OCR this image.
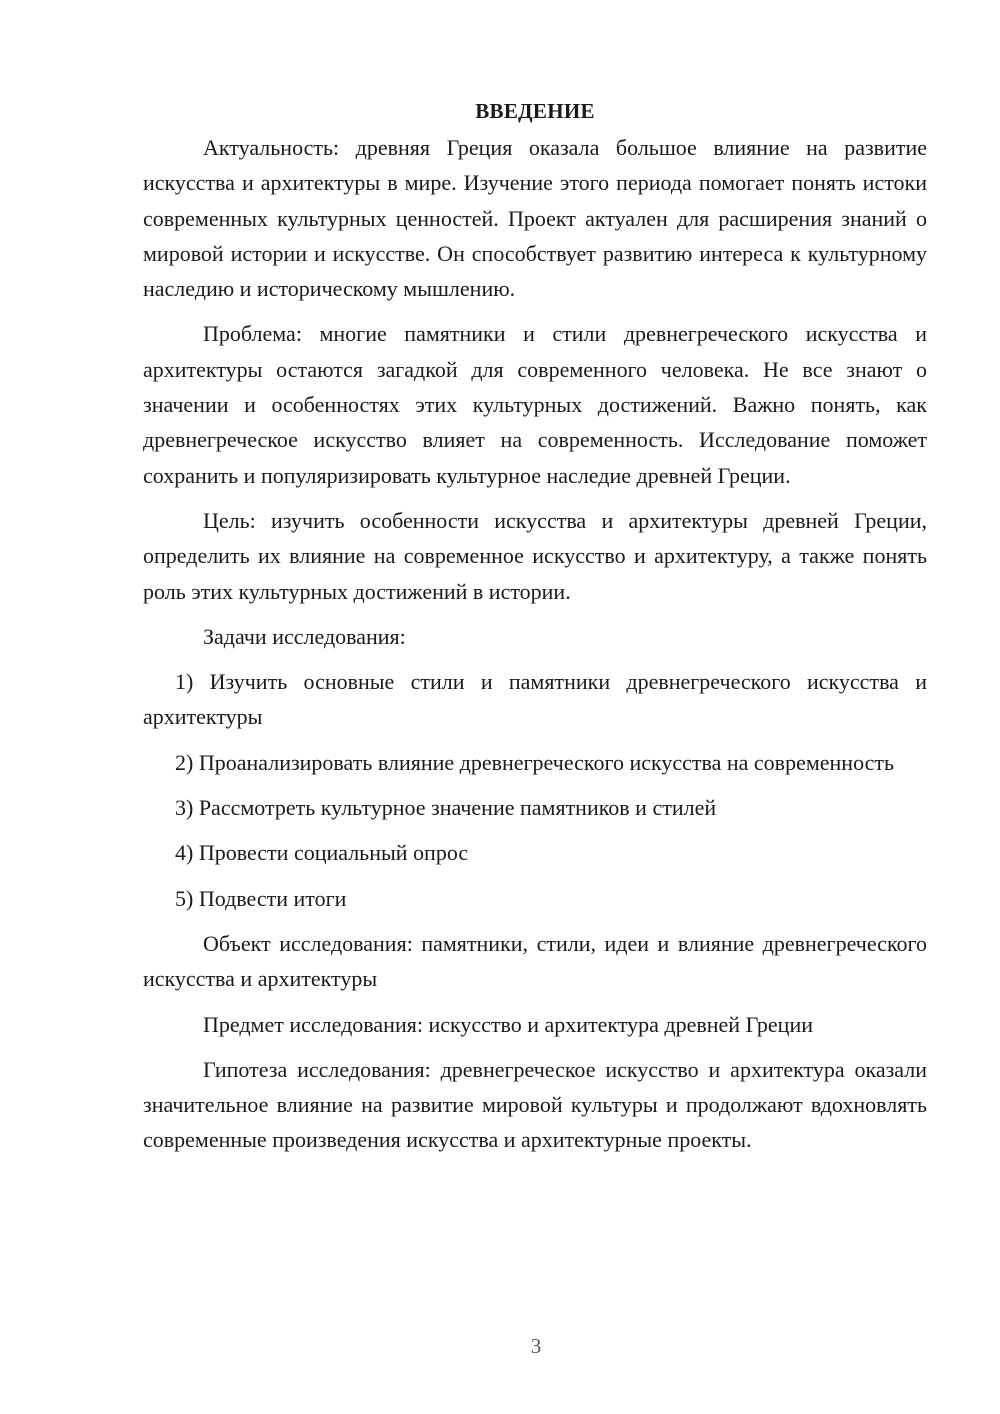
ВВЕДЕНИЕ

Актуальность: древняя Греция оказала большое влияние на развитие искусства и архитектуры в мире. Изучение этого периода помогает понять истоки современных культурных ценностей. Проект актуален для расширения знаний о мировой истории и искусстве. Он способствует развитию интереса к культурному наследию и историческому мышлению.

Проблема: многие памятники и стили древнегреческого искусства и архитектуры остаются загадкой для современного человека. Не все знают о значении и особенностях этих культурных достижений. Важно понять, как древнегреческое искусство влияет на современность. Исследование поможет сохранить и популяризировать культурное наследие древней Греции.

Цель: изучить особенности искусства и архитектуры древней Греции, определить их влияние на современное искусство и архитектуру, а также понять роль этих культурных достижений в истории.

Задачи исследования:

1) Изучить основные стили и памятники древнегреческого искусства и архитектуры

2) Проанализировать влияние древнегреческого искусства на современность

3) Рассмотреть культурное значение памятников и стилей

4) Провести социальный опрос

5) Подвести итоги

Объект исследования: памятники, стили, идеи и влияние древнегреческого искусства и архитектуры

Предмет исследования: искусство и архитектура древней Греции

Гипотеза исследования: древнегреческое искусство и архитектура оказали значительное влияние на развитие мировой культуры и продолжают вдохновлять современные произведения искусства и архитектурные проекты.

3
